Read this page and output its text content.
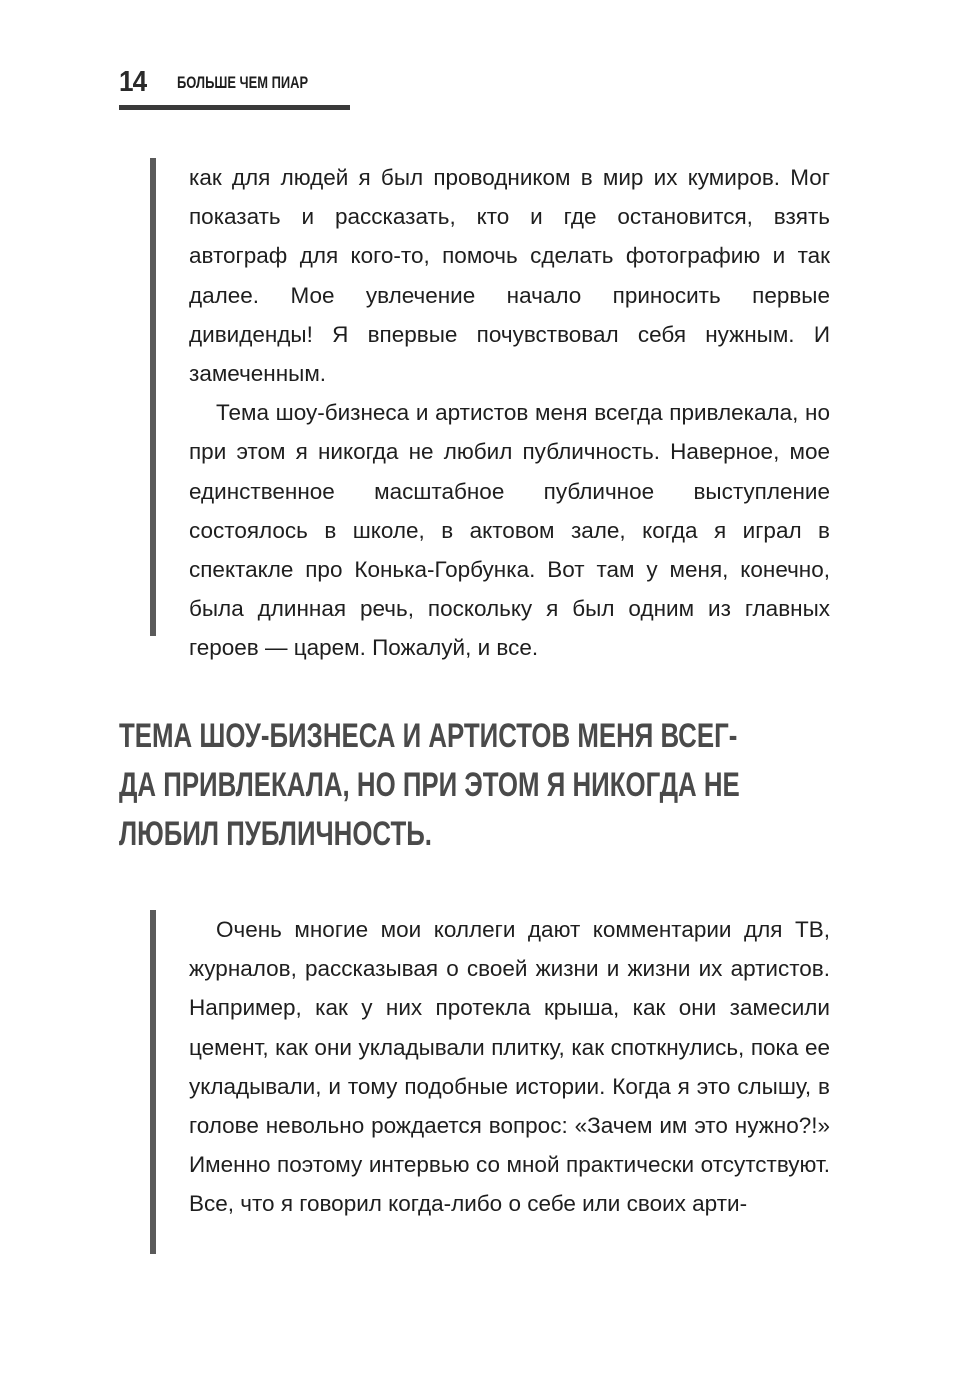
14	БОЛЬШЕ ЧЕМ ПИАР

как для людей я был проводником в мир их кумиров. Мог показать и рассказать, кто и где остановится, взять автограф для кого-то, помочь сделать фотографию и так далее. Мое увлечение начало приносить первые дивиденды! Я впервые почувствовал себя нужным. И замеченным.

Тема шоу-бизнеса и артистов меня всегда привлекала, но при этом я никогда не любил публичность. Наверное, мое единственное масштабное публичное выступление состоялось в школе, в актовом зале, когда я играл в спектакле про Конька-Горбунка. Вот там у меня, конечно, была длинная речь, поскольку я был одним из главных героев — царем. Пожалуй, и все.

ТЕМА ШОУ-БИЗНЕСА И АРТИСТОВ МЕНЯ ВСЕГ-
ДА ПРИВЛЕКАЛА, НО ПРИ ЭТОМ Я НИКОГДА НЕ
ЛЮБИЛ ПУБЛИЧНОСТЬ.

Очень многие мои коллеги дают комментарии для ТВ, журналов, рассказывая о своей жизни и жизни их артистов. Например, как у них протекла крыша, как они замесили цемент, как они укладывали плитку, как споткнулись, пока ее укладывали, и тому подобные истории. Когда я это слышу, в голове невольно рождается вопрос: «Зачем им это нужно?!» Именно поэтому интервью со мной практически отсутствуют. Все, что я говорил когда-либо о себе или своих арти-
